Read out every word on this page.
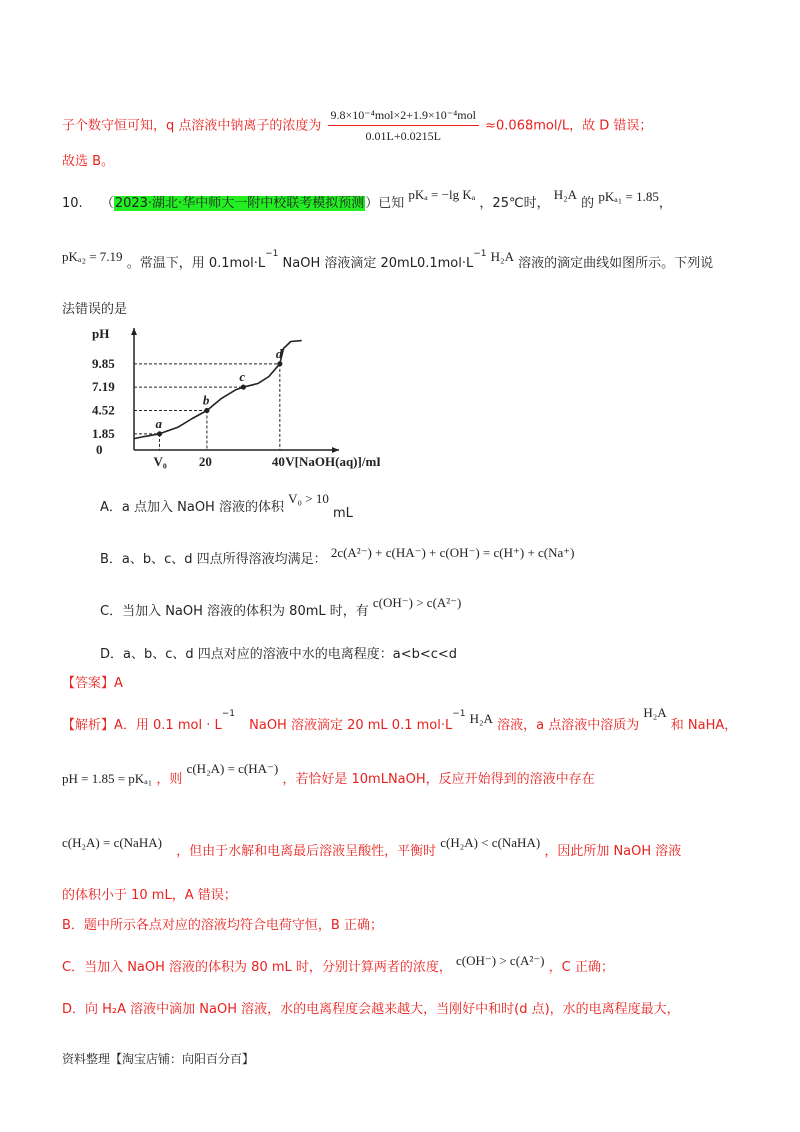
子个数守恒可知，q 点溶液中钠离子的浓度为 $\frac{\text{9.8×10⁻⁴mol×2+1.9×10⁻⁴mol}}{0.01L+0.0215L} \approx 0.068mol/L$，故 D 错误；
故选 B。
10. （2023·湖北·华中师大一附中校联考模拟预测）已知 pKₐ = −lg Kₐ ，25℃时， H₂A 的 pKₐ₁ = 1.85，
pKₐ₂ = 7.19 。常温下，用 $0.1mol\cdot L^{-1}$ NaOH 溶液滴定 $20mL0.1mol\cdot L^{-1}$ H₂A 溶液的滴定曲线如图所示。下列说
法错误的是
pH
V[NaOH(aq)]/mL
1.85
4.52
7.19
9.85
0
V₀ 20	40
a
b
c
d
A．a 点加入 NaOH 溶液的体积 V₀ > 10 mL
B．a、b、c、d 四点所得溶液均满足： 2c(A²⁻) + c(HA⁻) + c(OH⁻) = c(H⁺) + c(Na⁺)
C．当加入 NaOH 溶液的体积为 80mL 时，有 c(OH⁻) > c(A²⁻)
D．a、b、c、d 四点对应的溶液中水的电离程度：a<b<c<d
【答案】A
【解析】A．用 0.1 mol · $L^{-1}$ NaOH 溶液滴定 20 mL 0.1 $mol\cdot L^{-1}$ H₂A 溶液，a 点溶液中溶质为 H₂A 和 NaHA，
pH = 1.85 = pKₐ₁ ，则 c(H₂A) = c(HA⁻) ，若恰好是 10mLNaOH，反应开始得到的溶液中存在
c(H₂A) = c(NaHA) ，但由于水解和电离最后溶液呈酸性，平衡时 c(H₂A) < c(NaHA) ，因此所加 NaOH 溶液
的体积小于 10 mL，A 错误；
B．题中所示各点对应的溶液均符合电荷守恒，B 正确；
C．当加入 NaOH 溶液的体积为 80 mL 时，分别计算两者的浓度， c(OH⁻) > c(A²⁻) ，C 正确；
D．向 H₂A 溶液中滴加 NaOH 溶液，水的电离程度会越来越大，当刚好中和时(d 点)，水的电离程度最大，
资料整理【淘宝店铺：向阳百分百】
